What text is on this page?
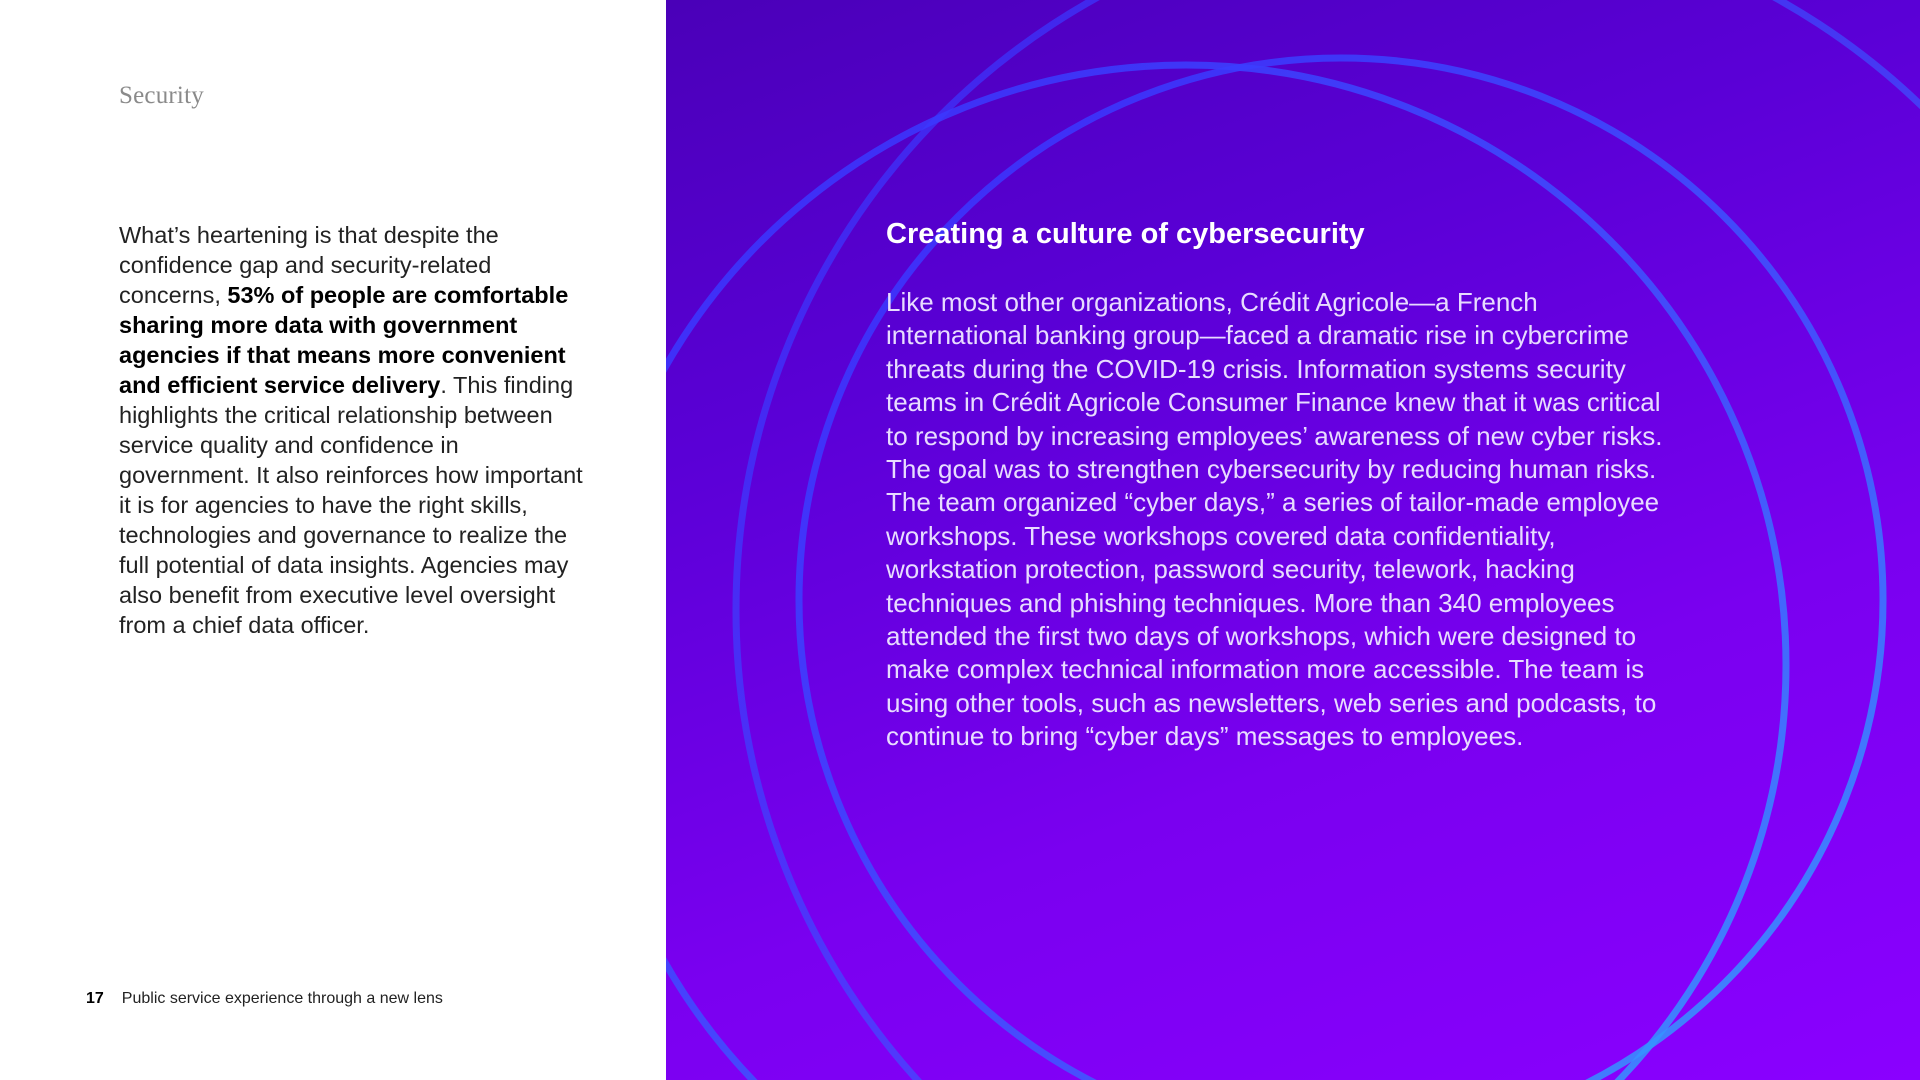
Security

What’s heartening is that despite the confidence gap and security-related concerns, 53% of people are comfortable sharing more data with government agencies if that means more convenient and efficient service delivery. This finding highlights the critical relationship between service quality and confidence in government. It also reinforces how important it is for agencies to have the right skills, technologies and governance to realize the full potential of data insights. Agencies may also benefit from executive level oversight from a chief data officer.

17 Public service experience through a new lens
Creating a culture of cybersecurity

Like most other organizations, Crédit Agricole—a French international banking group—faced a dramatic rise in cybercrime threats during the COVID-19 crisis. Information systems security teams in Crédit Agricole Consumer Finance knew that it was critical to respond by increasing employees’ awareness of new cyber risks. The goal was to strengthen cybersecurity by reducing human risks. The team organized “cyber days,” a series of tailor-made employee workshops. These workshops covered data confidentiality, workstation protection, password security, telework, hacking techniques and phishing techniques. More than 340 employees attended the first two days of workshops, which were designed to make complex technical information more accessible. The team is using other tools, such as newsletters, web series and podcasts, to continue to bring “cyber days” messages to employees.
